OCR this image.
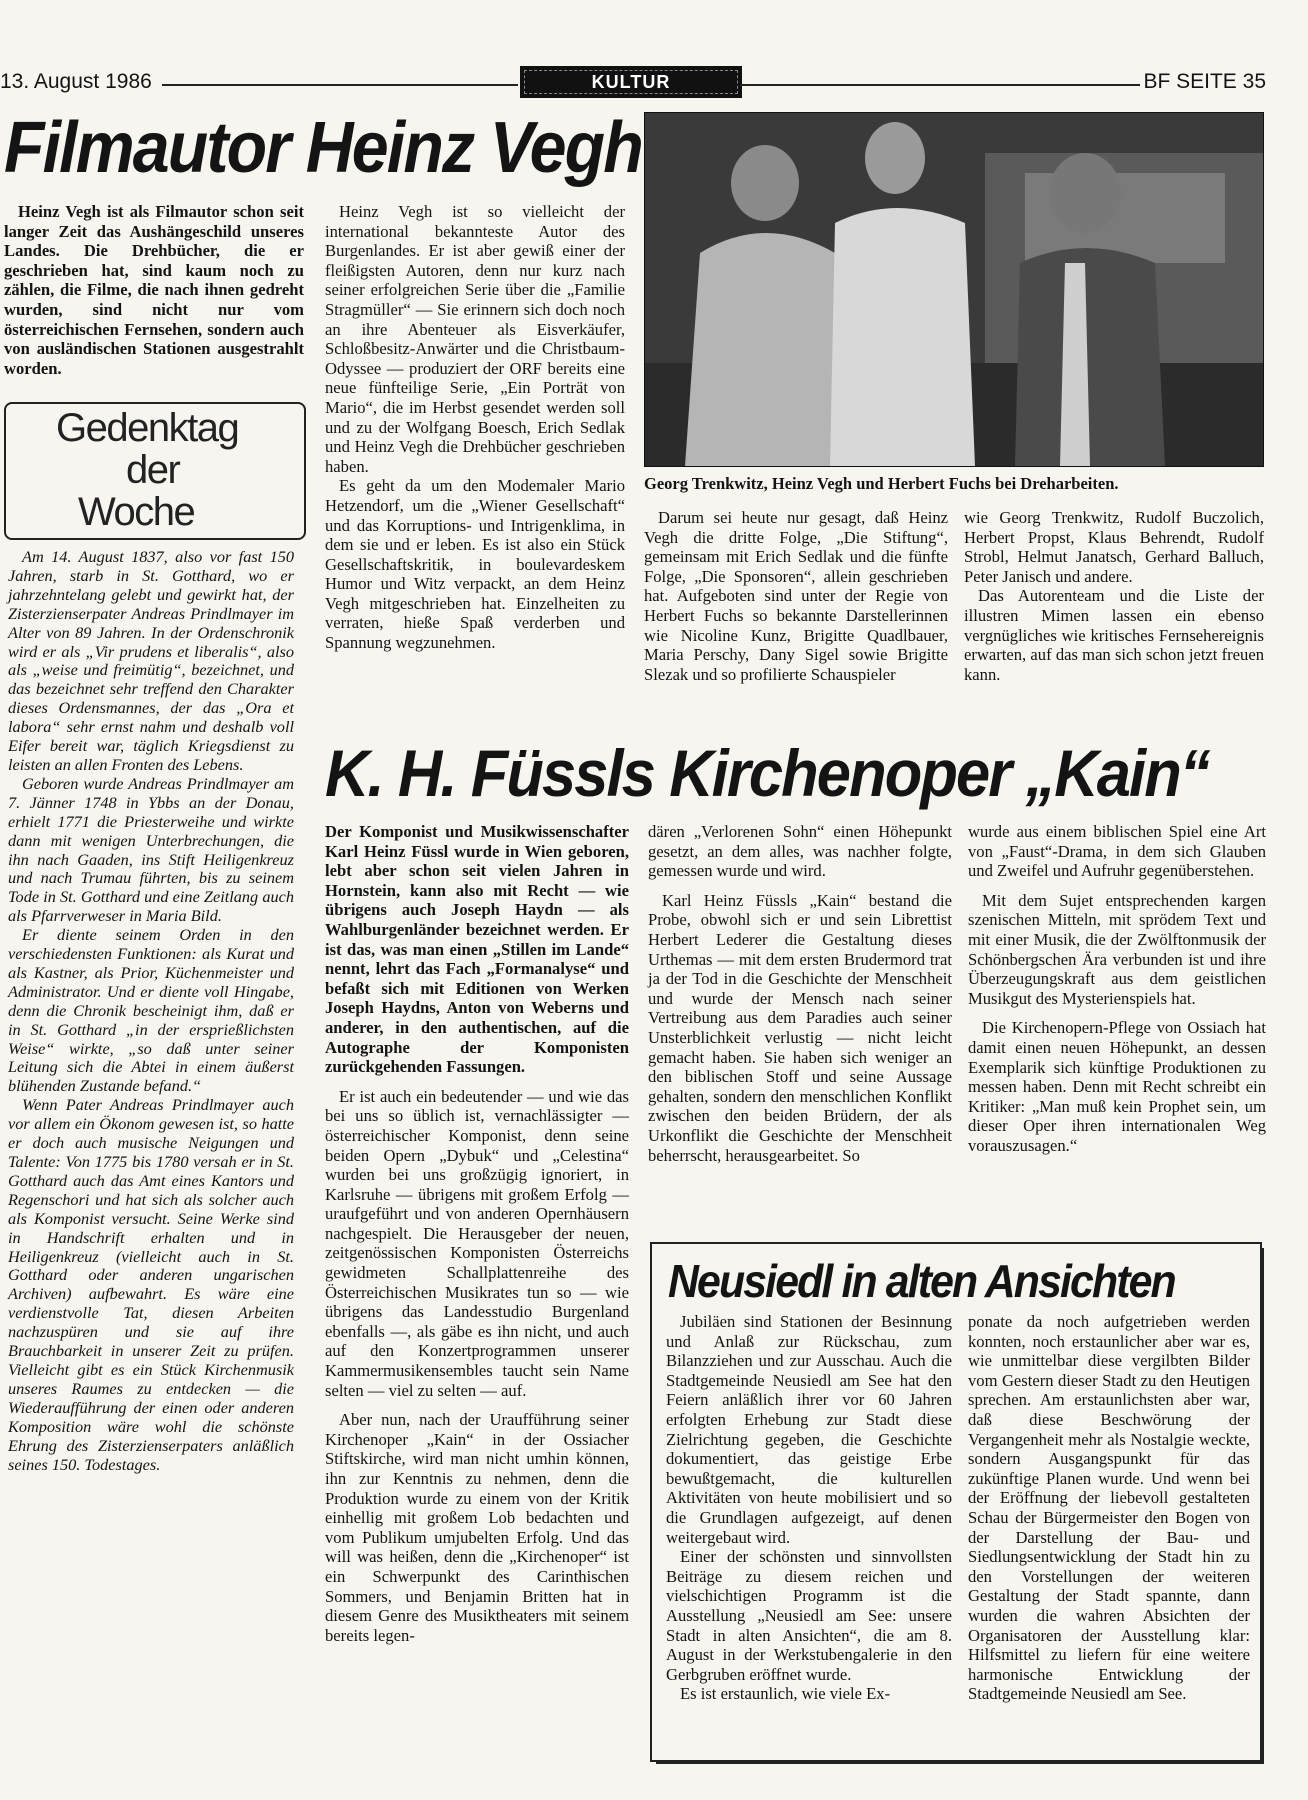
13. August 1986	KULTUR	BF SEITE 35
Filmautor Heinz Vegh

Heinz Vegh ist als Filmautor schon seit langer Zeit das Aushängeschild unseres Landes. Die Drehbücher, die er geschrieben hat, sind kaum noch zu zählen, die Filme, die nach ihnen gedreht wurden, sind nicht nur vom österreichischen Fernsehen, sondern auch von ausländischen Stationen ausgestrahlt worden.

Heinz Vegh ist so vielleicht der international bekannteste Autor des Burgenlandes. Er ist aber gewiß einer der fleißigsten Autoren, denn nur kurz nach seiner erfolgreichen Serie über die „Familie Stragmüller“ — Sie erinnern sich doch noch an ihre Abenteuer als Eisverkäufer, Schloßbesitz-Anwärter und die Christbaum-Odyssee — produziert der ORF bereits eine neue fünfteilige Serie, „Ein Porträt von Mario“, die im Herbst gesendet werden soll und zu der Wolfgang Boesch, Erich Sedlak und Heinz Vegh die Drehbücher geschrieben haben.

Es geht da um den Modemaler Mario Hetzendorf, um die „Wiener Gesellschaft“ und das Korruptions- und Intrigenklima, in dem sie und er leben. Es ist also ein Stück Gesellschaftskritik, in boulevardeskem Humor und Witz verpackt, an dem Heinz Vegh mitgeschrieben hat. Einzelheiten zu verraten, hieße Spaß verderben und Spannung wegzunehmen.

Georg Trenkwitz, Heinz Vegh und Herbert Fuchs bei Dreharbeiten.

Darum sei heute nur gesagt, daß Heinz Vegh die dritte Folge, „Die Stiftung“, gemeinsam mit Erich Sedlak und die fünfte Folge, „Die Sponsoren“, allein geschrieben hat. Aufgeboten sind unter der Regie von Herbert Fuchs so bekannte Darstellerinnen wie Nicoline Kunz, Brigitte Quadlbauer, Maria Perschy, Dany Sigel sowie Brigitte Slezak und so profilierte Schauspieler

wie Georg Trenkwitz, Rudolf Buczolich, Herbert Propst, Klaus Behrendt, Rudolf Strobl, Helmut Janatsch, Gerhard Balluch, Peter Janisch und andere.

Das Autorenteam und die Liste der illustren Mimen lassen ein ebenso vergnügliches wie kritisches Fernsehereignis erwarten, auf das man sich schon jetzt freuen kann.

Gedenktag
der
Woche

Am 14. August 1837, also vor fast 150 Jahren, starb in St. Gotthard, wo er jahrzehntelang gelebt und gewirkt hat, der Zisterzienserpater Andreas Prindlmayer im Alter von 89 Jahren. In der Ordenschronik wird er als „Vir prudens et liberalis“, also als „weise und freimütig“, bezeichnet, und das bezeichnet sehr treffend den Charakter dieses Ordensmannes, der das „Ora et labora“ sehr ernst nahm und deshalb voll Eifer bereit war, täglich Kriegsdienst zu leisten an allen Fronten des Lebens.

Geboren wurde Andreas Prindlmayer am 7. Jänner 1748 in Ybbs an der Donau, erhielt 1771 die Priesterweihe und wirkte dann mit wenigen Unterbrechungen, die ihn nach Gaaden, ins Stift Heiligenkreuz und nach Trumau führten, bis zu seinem Tode in St. Gotthard und eine Zeitlang auch als Pfarrverweser in Maria Bild.

Er diente seinem Orden in den verschiedensten Funktionen: als Kurat und als Kastner, als Prior, Küchenmeister und Administrator. Und er diente voll Hingabe, denn die Chronik bescheinigt ihm, daß er in St. Gotthard „in der ersprießlichsten Weise“ wirkte, „so daß unter seiner Leitung sich die Abtei in einem äußerst blühenden Zustande befand.“

Wenn Pater Andreas Prindlmayer auch vor allem ein Ökonom gewesen ist, so hatte er doch auch musische Neigungen und Talente: Von 1775 bis 1780 versah er in St. Gotthard auch das Amt eines Kantors und Regenschori und hat sich als solcher auch als Komponist versucht. Seine Werke sind in Handschrift erhalten und in Heiligenkreuz (vielleicht auch in St. Gotthard oder anderen ungarischen Archiven) aufbewahrt. Es wäre eine verdienstvolle Tat, diesen Arbeiten nachzuspüren und sie auf ihre Brauchbarkeit in unserer Zeit zu prüfen. Vielleicht gibt es ein Stück Kirchenmusik unseres Raumes zu entdecken — die Wiederaufführung der einen oder anderen Komposition wäre wohl die schönste Ehrung des Zisterzienserpaters anläßlich seines 150. Todestages.

K. H. Füssls Kirchenoper „Kain“

Der Komponist und Musikwissenschafter Karl Heinz Füssl wurde in Wien geboren, lebt aber schon seit vielen Jahren in Hornstein, kann also mit Recht — wie übrigens auch Joseph Haydn — als Wahlburgenländer bezeichnet werden. Er ist das, was man einen „Stillen im Lande“ nennt, lehrt das Fach „Formanalyse“ und befaßt sich mit Editionen von Werken Joseph Haydns, Anton von Weberns und anderer, in den authentischen, auf die Autographe der Komponisten zurückgehenden Fassungen.

Er ist auch ein bedeutender — und wie das bei uns so üblich ist, vernachlässigter — österreichischer Komponist, denn seine beiden Opern „Dybuk“ und „Celestina“ wurden bei uns großzügig ignoriert, in Karlsruhe — übrigens mit großem Erfolg — uraufgeführt und von anderen Opernhäusern nachgespielt. Die Herausgeber der neuen, zeitgenössischen Komponisten Österreichs gewidmeten Schallplattenreihe des Österreichischen Musikrates tun so — wie übrigens das Landesstudio Burgenland ebenfalls —, als gäbe es ihn nicht, und auch auf den Konzertprogrammen unserer Kammermusikensembles taucht sein Name selten — viel zu selten — auf.

Aber nun, nach der Uraufführung seiner Kirchenoper „Kain“ in der Ossiacher Stiftskirche, wird man nicht umhin können, ihn zur Kenntnis zu nehmen, denn die Produktion wurde zu einem von der Kritik einhellig mit großem Lob bedachten und vom Publikum umjubelten Erfolg. Und das will was heißen, denn die „Kirchenoper“ ist ein Schwerpunkt des Carinthischen Sommers, und Benjamin Britten hat in diesem Genre des Musiktheaters mit seinem bereits legen-

dären „Verlorenen Sohn“ einen Höhepunkt gesetzt, an dem alles, was nachher folgte, gemessen wurde und wird.

Karl Heinz Füssls „Kain“ bestand die Probe, obwohl sich er und sein Librettist Herbert Lederer die Gestaltung dieses Urthemas — mit dem ersten Brudermord trat ja der Tod in die Geschichte der Menschheit und wurde der Mensch nach seiner Vertreibung aus dem Paradies auch seiner Unsterblichkeit verlustig — nicht leicht gemacht haben. Sie haben sich weniger an den biblischen Stoff und seine Aussage gehalten, sondern den menschlichen Konflikt zwischen den beiden Brüdern, der als Urkonflikt die Geschichte der Menschheit beherrscht, herausgearbeitet. So

wurde aus einem biblischen Spiel eine Art von „Faust“-Drama, in dem sich Glauben und Zweifel und Aufruhr gegenüberstehen.

Mit dem Sujet entsprechenden kargen szenischen Mitteln, mit sprödem Text und mit einer Musik, die der Zwölftonmusik der Schönbergschen Ära verbunden ist und ihre Überzeugungskraft aus dem geistlichen Musikgut des Mysterienspiels hat.

Die Kirchenopern-Pflege von Ossiach hat damit einen neuen Höhepunkt, an dessen Exemplarik sich künftige Produktionen zu messen haben. Denn mit Recht schreibt ein Kritiker: „Man muß kein Prophet sein, um dieser Oper ihren internationalen Weg vorauszusagen.“

Neusiedl in alten Ansichten

Jubiläen sind Stationen der Besinnung und Anlaß zur Rückschau, zum Bilanzziehen und zur Ausschau. Auch die Stadtgemeinde Neusiedl am See hat den Feiern anläßlich ihrer vor 60 Jahren erfolgten Erhebung zur Stadt diese Zielrichtung gegeben, die Geschichte dokumentiert, das geistige Erbe bewußtgemacht, die kulturellen Aktivitäten von heute mobilisiert und so die Grundlagen aufgezeigt, auf denen weitergebaut wird.

Einer der schönsten und sinnvollsten Beiträge zu diesem reichen und vielschichtigen Programm ist die Ausstellung „Neusiedl am See: unsere Stadt in alten Ansichten“, die am 8. August in der Werkstubengalerie in den Gerbgruben eröffnet wurde.

Es ist erstaunlich, wie viele Ex-

ponate da noch aufgetrieben werden konnten, noch erstaunlicher aber war es, wie unmittelbar diese vergilbten Bilder vom Gestern dieser Stadt zu den Heutigen sprechen. Am erstaunlichsten aber war, daß diese Beschwörung der Vergangenheit mehr als Nostalgie weckte, sondern Ausgangspunkt für das zukünftige Planen wurde. Und wenn bei der Eröffnung der liebevoll gestalteten Schau der Bürgermeister den Bogen von der Darstellung der Bau- und Siedlungsentwicklung der Stadt hin zu den Vorstellungen der weiteren Gestaltung der Stadt spannte, dann wurden die wahren Absichten der Organisatoren der Ausstellung klar: Hilfsmittel zu liefern für eine weitere harmonische Entwicklung der Stadtgemeinde Neusiedl am See.
